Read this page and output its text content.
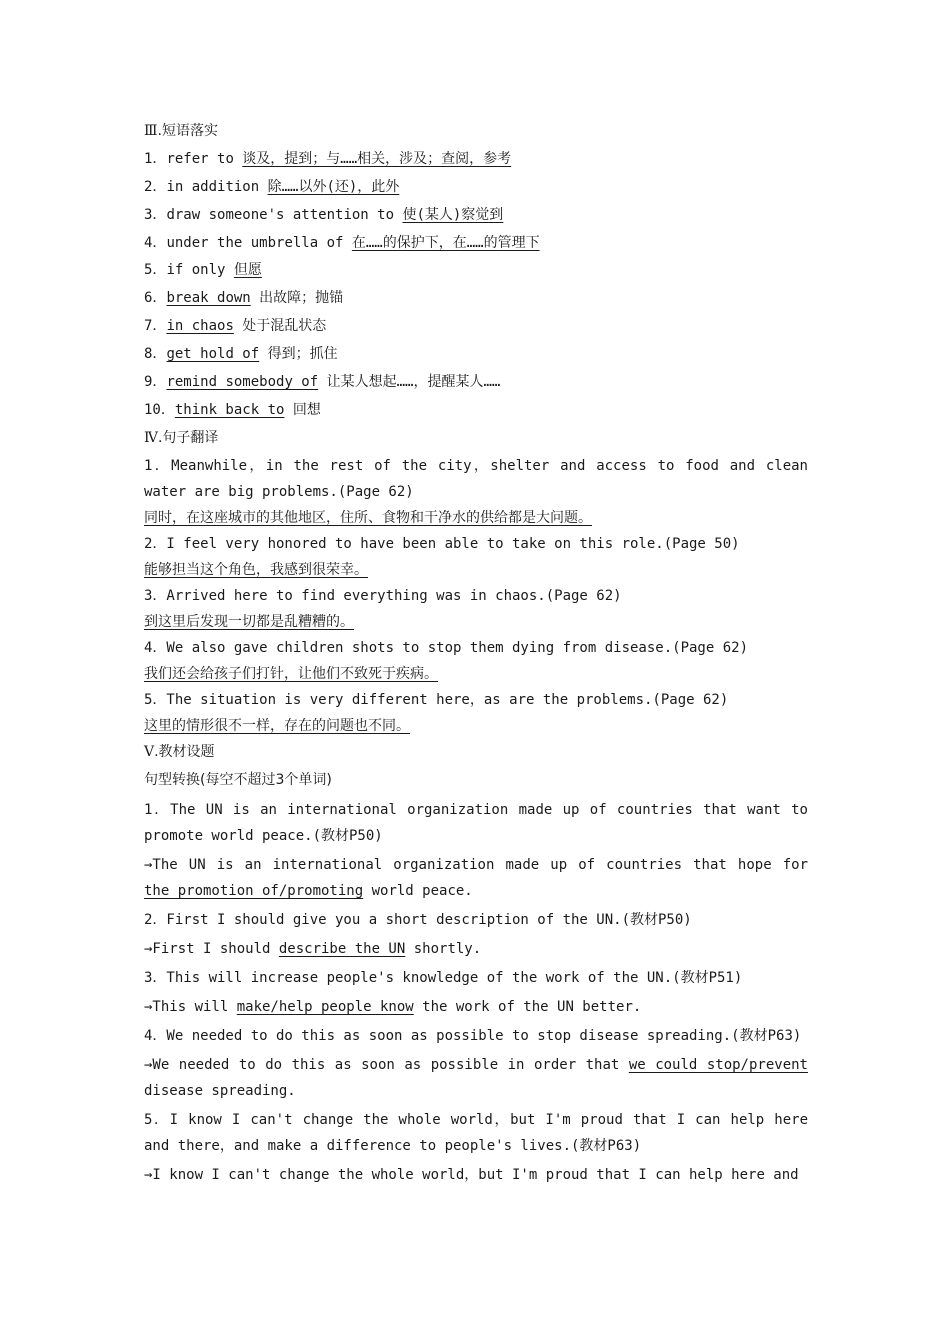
Ⅲ.短语落实
1．refer to 谈及，提到；与……相关，涉及；查阅，参考
2．in addition 除……以外(还)，此外
3．draw someone's attention to 使(某人)察觉到
4．under the umbrella of 在……的保护下，在……的管理下
5．if only 但愿
6．break down 出故障；抛锚
7．in chaos 处于混乱状态
8．get hold of 得到；抓住
9．remind somebody of 让某人想起……，提醒某人……
10．think back to 回想
Ⅳ.句子翻译
1．Meanwhile，in the rest of the city，shelter and access to food and clean water are big problems.(Page 62)
同时，在这座城市的其他地区，住所、食物和干净水的供给都是大问题。
2．I feel very honored to have been able to take on this role.(Page 50)
能够担当这个角色，我感到很荣幸。
3．Arrived here to find everything was in chaos.(Page 62)
到这里后发现一切都是乱糟糟的。
4．We also gave children shots to stop them dying from disease.(Page 62)
我们还会给孩子们打针，让他们不致死于疾病。
5．The situation is very different here，as are the problems.(Page 62)
这里的情形很不一样，存在的问题也不同。
Ⅴ.教材设题
句型转换(每空不超过3个单词)
1．The UN is an international organization made up of countries that want to promote world peace.(教材P50)
→The UN is an international organization made up of countries that hope for the promotion of/promoting world peace.
2．First I should give you a short description of the UN.(教材P50)
→First I should describe the UN shortly.
3．This will increase people's knowledge of the work of the UN.(教材P51)
→This will make/help people know the work of the UN better.
4．We needed to do this as soon as possible to stop disease spreading.(教材P63)
→We needed to do this as soon as possible in order that we could stop/prevent disease spreading.
5．I know I can't change the whole world，but I'm proud that I can help here and there，and make a difference to people's lives.(教材P63)
→I know I can't change the whole world，but I'm proud that I can help here and
